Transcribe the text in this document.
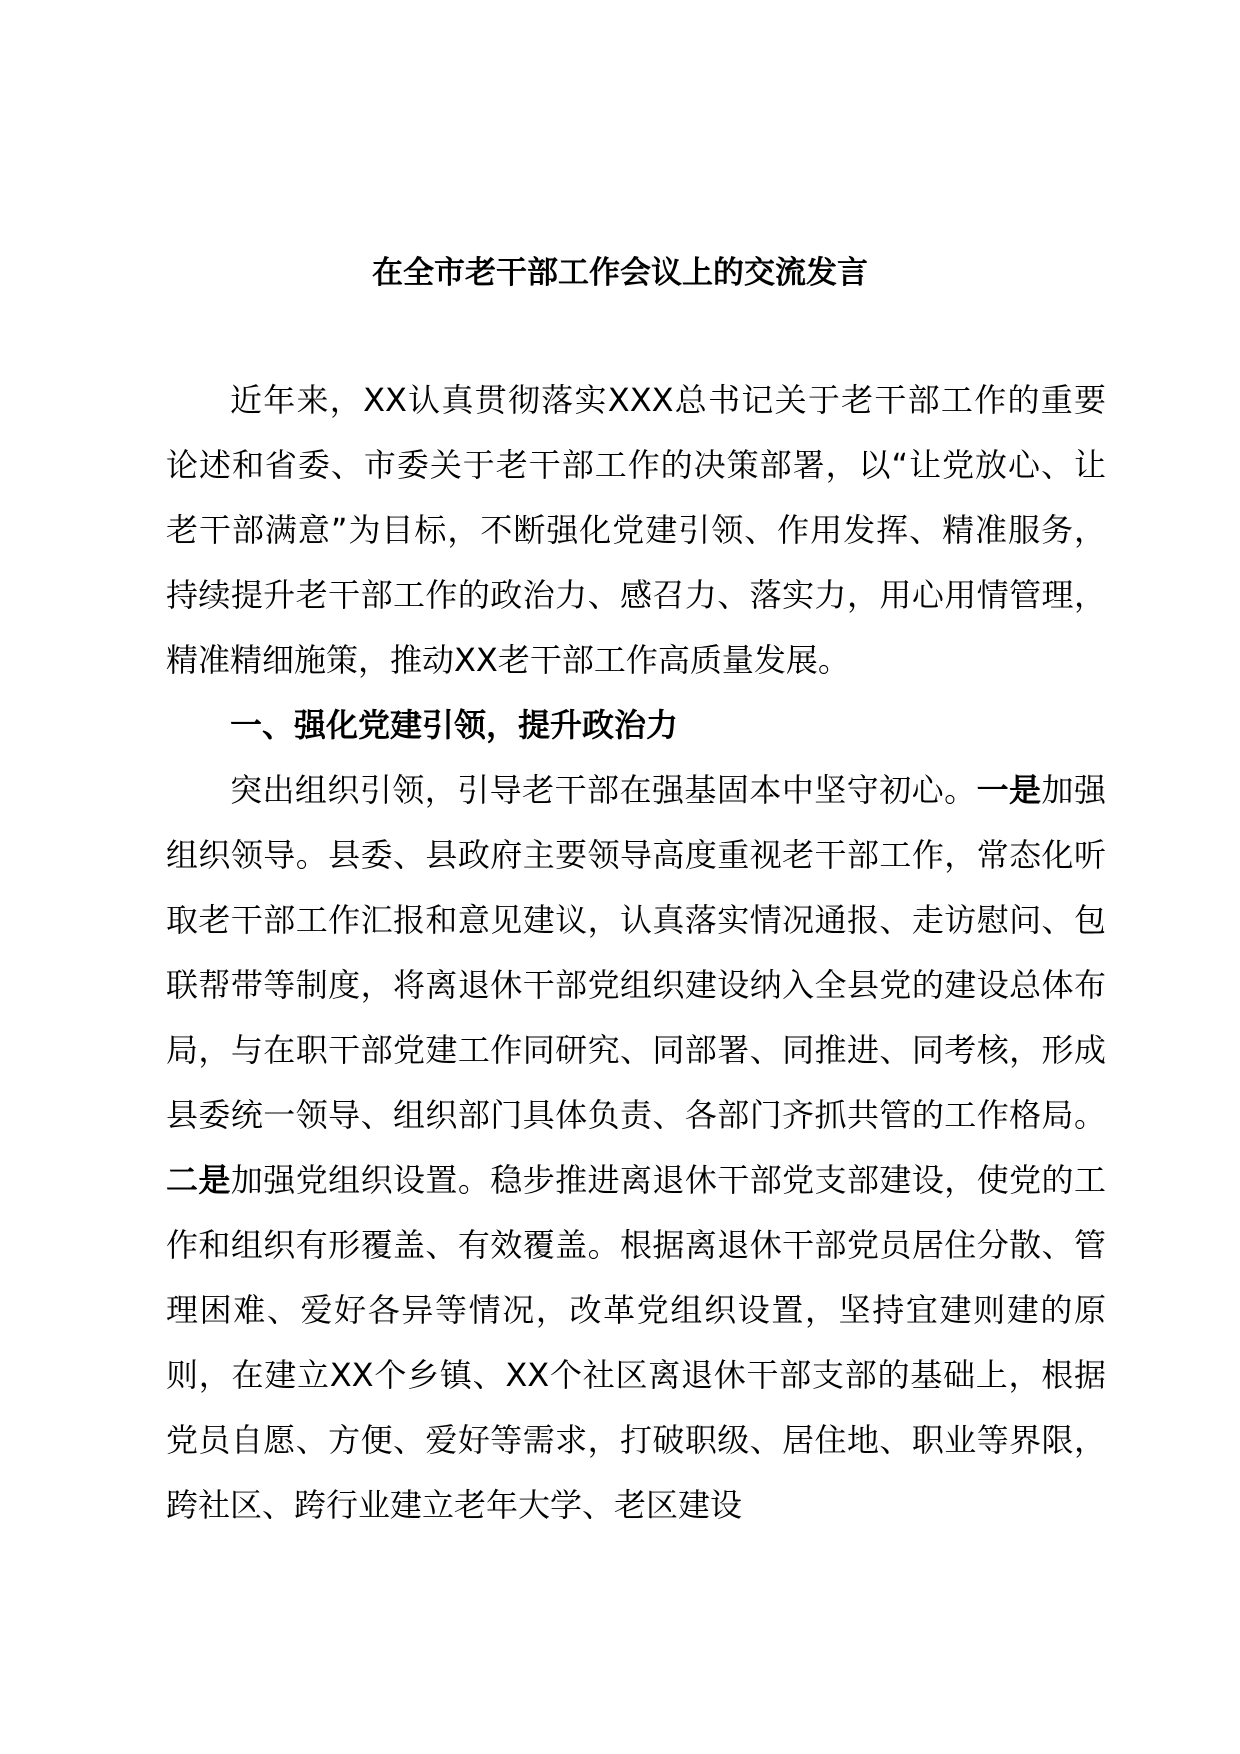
在全市老干部工作会议上的交流发言

近年来，XX认真贯彻落实XXX总书记关于老干部工作的重要论述和省委、市委关于老干部工作的决策部署，以“让党放心、让老干部满意”为目标，不断强化党建引领、作用发挥、精准服务，持续提升老干部工作的政治力、感召力、落实力，用心用情管理，精准精细施策，推动XX老干部工作高质量发展。

一、强化党建引领，提升政治力

突出组织引领，引导老干部在强基固本中坚守初心。一是加强组织领导。县委、县政府主要领导高度重视老干部工作，常态化听取老干部工作汇报和意见建议，认真落实情况通报、走访慰问、包联帮带等制度，将离退休干部党组织建设纳入全县党的建设总体布局，与在职干部党建工作同研究、同部署、同推进、同考核，形成县委统一领导、组织部门具体负责、各部门齐抓共管的工作格局。二是加强党组织设置。稳步推进离退休干部党支部建设，使党的工作和组织有形覆盖、有效覆盖。根据离退休干部党员居住分散、管理困难、爱好各异等情况，改革党组织设置，坚持宜建则建的原则，在建立XX个乡镇、XX个社区离退休干部支部的基础上，根据党员自愿、方便、爱好等需求，打破职级、居住地、职业等界限，跨社区、跨行业建立老年大学、老区建设
